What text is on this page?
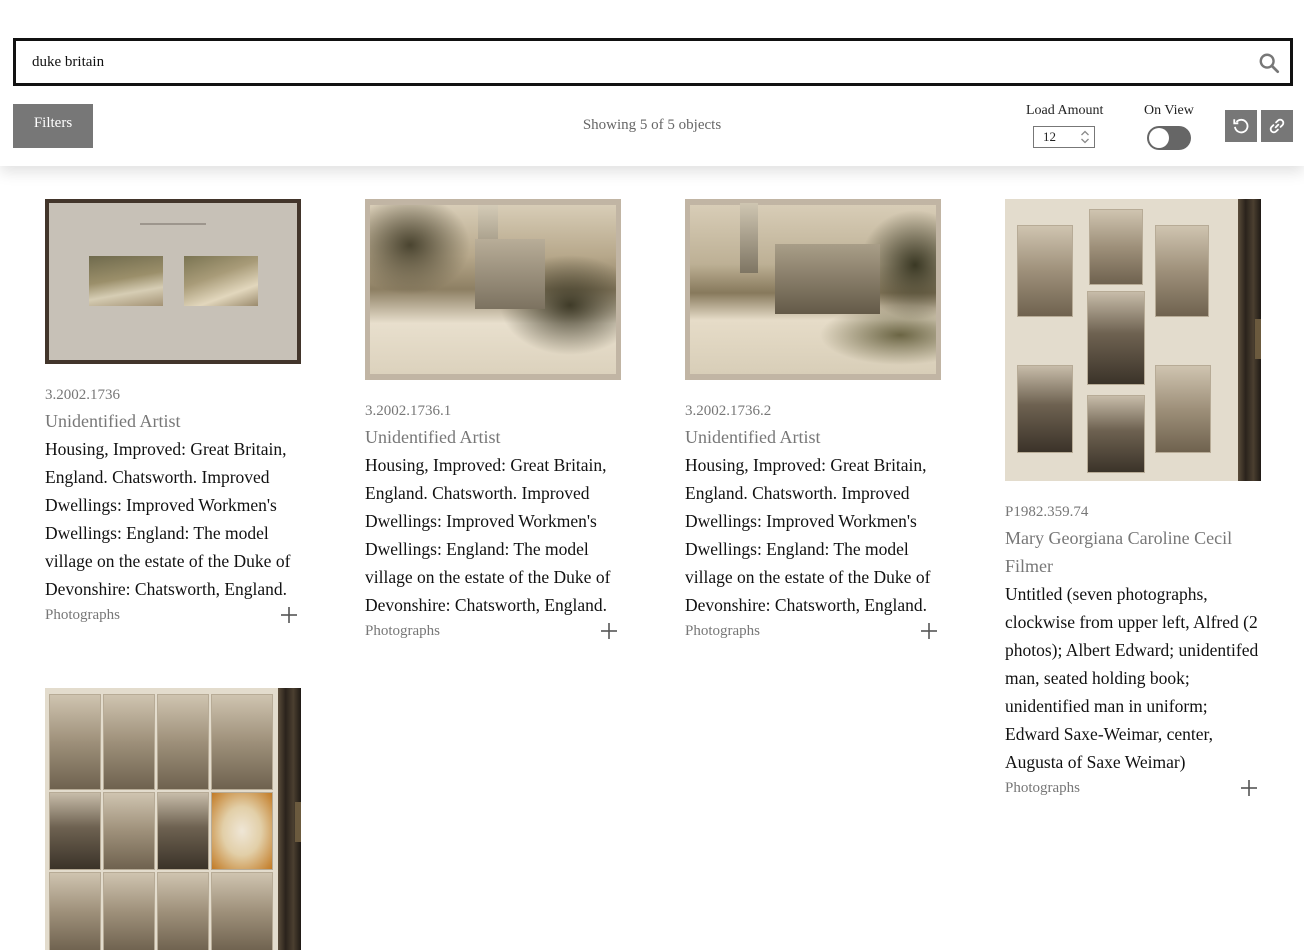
duke britain
Filters	Showing 5 of 5 objects
Load Amount
12
On View
3.2002.1736
Unidentified Artist
Housing, Improved: Great Britain, England. Chatsworth. Improved Dwellings: Improved Workmen's Dwellings: England: The model village on the estate of the Duke of Devonshire: Chatsworth, England.
Photographs
3.2002.1736.1
Unidentified Artist
Housing, Improved: Great Britain, England. Chatsworth. Improved Dwellings: Improved Workmen's Dwellings: England: The model village on the estate of the Duke of Devonshire: Chatsworth, England.
Photographs
3.2002.1736.2
Unidentified Artist
Housing, Improved: Great Britain, England. Chatsworth. Improved Dwellings: Improved Workmen's Dwellings: England: The model village on the estate of the Duke of Devonshire: Chatsworth, England.
Photographs
P1982.359.74
Mary Georgiana Caroline Cecil Filmer
Untitled (seven photographs, clockwise from upper left, Alfred (2 photos); Albert Edward; unidentifed man, seated holding book; unidentified man in uniform; Edward Saxe-Weimar, center, Augusta of Saxe Weimar)
Photographs
